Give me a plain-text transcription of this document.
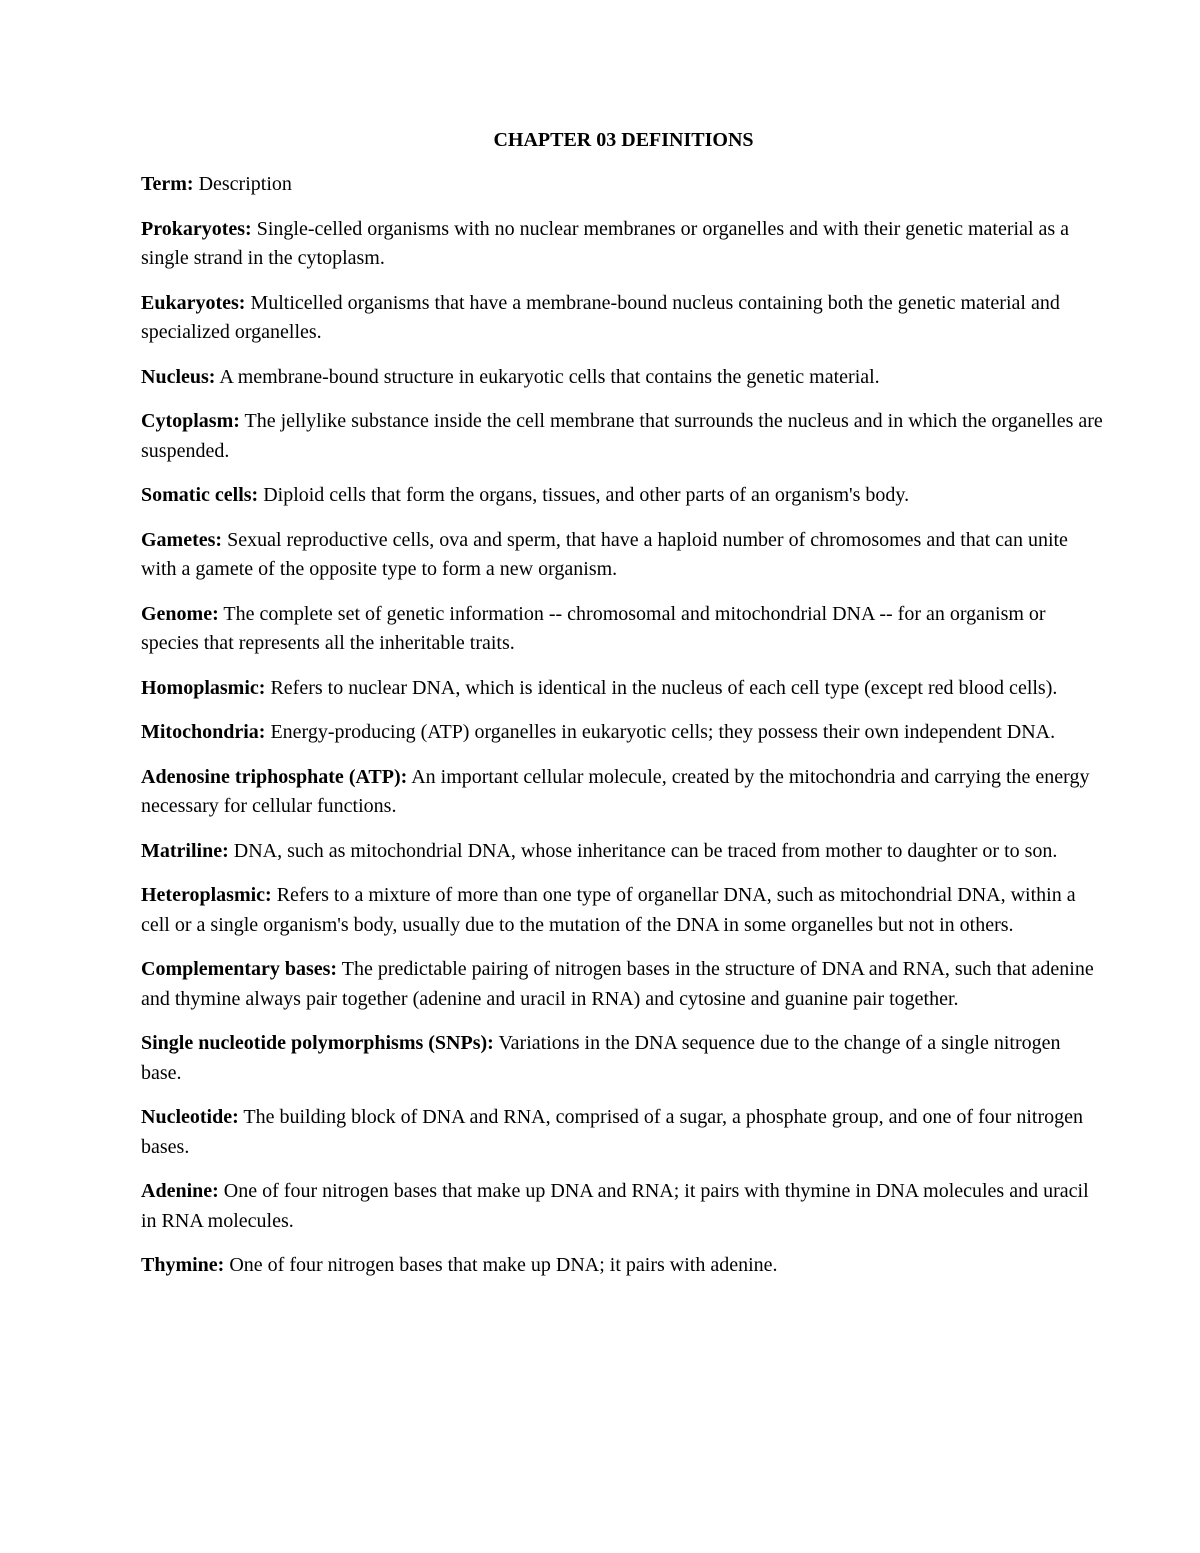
CHAPTER 03 DEFINITIONS
Term: Description
Prokaryotes: Single-celled organisms with no nuclear membranes or organelles and with their genetic material as a single strand in the cytoplasm.
Eukaryotes: Multicelled organisms that have a membrane-bound nucleus containing both the genetic material and specialized organelles.
Nucleus: A membrane-bound structure in eukaryotic cells that contains the genetic material.
Cytoplasm: The jellylike substance inside the cell membrane that surrounds the nucleus and in which the organelles are suspended.
Somatic cells: Diploid cells that form the organs, tissues, and other parts of an organism's body.
Gametes: Sexual reproductive cells, ova and sperm, that have a haploid number of chromosomes and that can unite with a gamete of the opposite type to form a new organism.
Genome: The complete set of genetic information -- chromosomal and mitochondrial DNA -- for an organism or species that represents all the inheritable traits.
Homoplasmic: Refers to nuclear DNA, which is identical in the nucleus of each cell type (except red blood cells).
Mitochondria: Energy-producing (ATP) organelles in eukaryotic cells; they possess their own independent DNA.
Adenosine triphosphate (ATP): An important cellular molecule, created by the mitochondria and carrying the energy necessary for cellular functions.
Matriline: DNA, such as mitochondrial DNA, whose inheritance can be traced from mother to daughter or to son.
Heteroplasmic: Refers to a mixture of more than one type of organellar DNA, such as mitochondrial DNA, within a cell or a single organism's body, usually due to the mutation of the DNA in some organelles but not in others.
Complementary bases: The predictable pairing of nitrogen bases in the structure of DNA and RNA, such that adenine and thymine always pair together (adenine and uracil in RNA) and cytosine and guanine pair together.
Single nucleotide polymorphisms (SNPs): Variations in the DNA sequence due to the change of a single nitrogen base.
Nucleotide: The building block of DNA and RNA, comprised of a sugar, a phosphate group, and one of four nitrogen bases.
Adenine: One of four nitrogen bases that make up DNA and RNA; it pairs with thymine in DNA molecules and uracil in RNA molecules.
Thymine: One of four nitrogen bases that make up DNA; it pairs with adenine.
